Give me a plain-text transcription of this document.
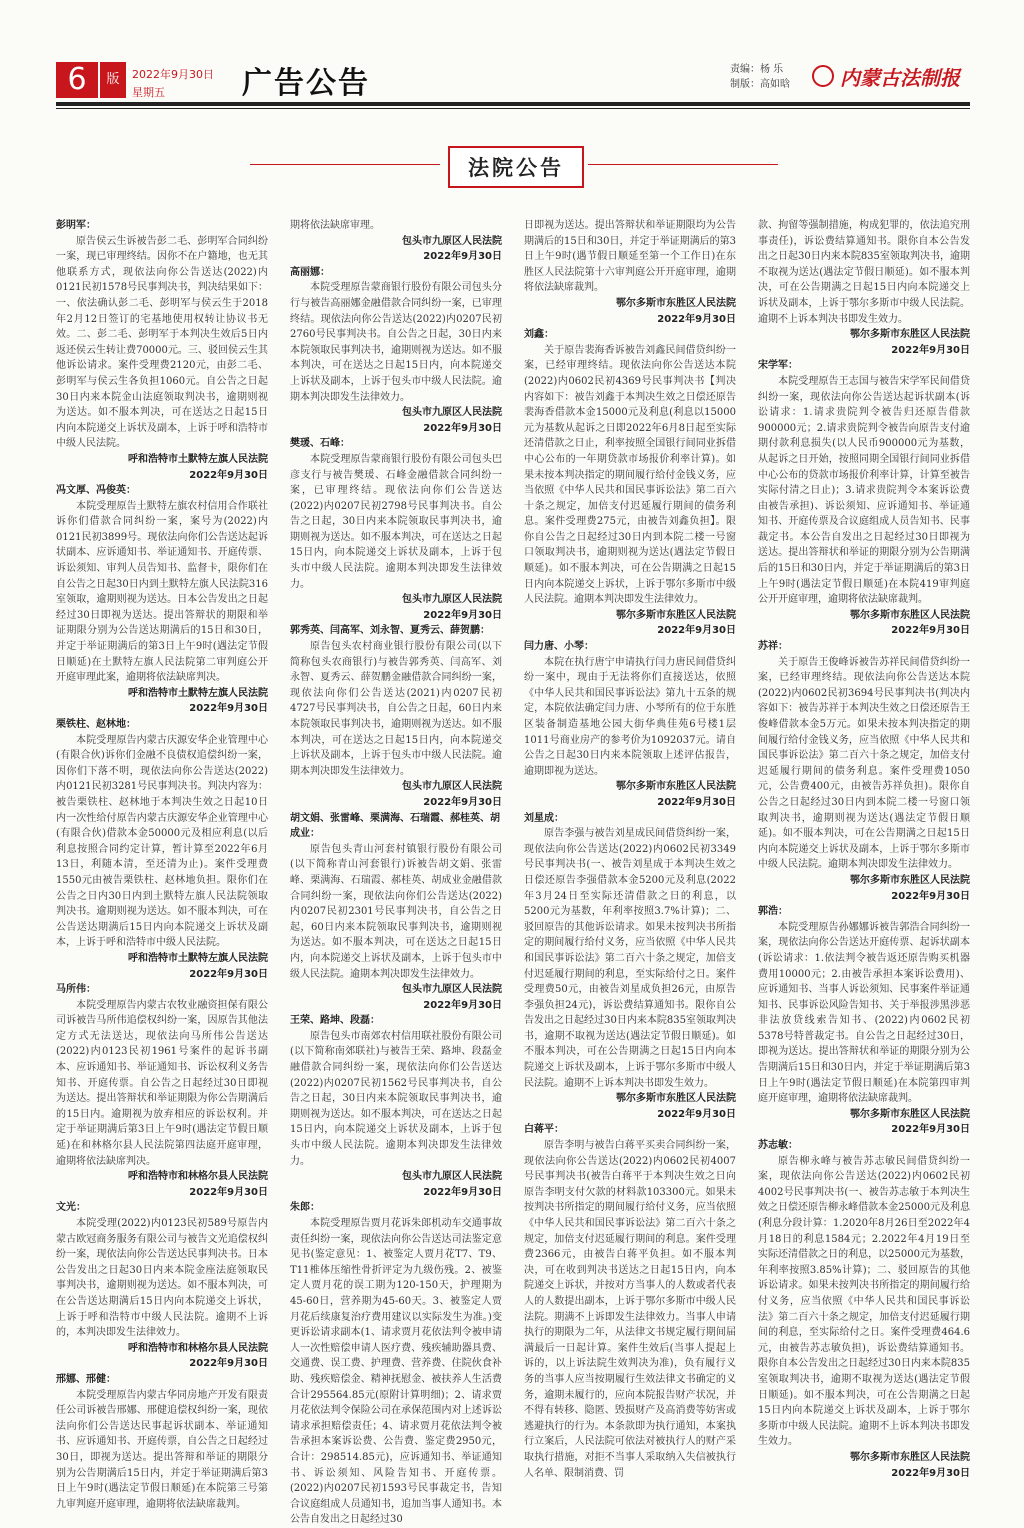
6	版	2022年9月30日
星期五	广告公告	责编：杨 乐
制版：高如晗	内蒙古法制报
法院公告

彭明军：

原告侯云生诉被告彭二毛、彭明军合同纠纷一案，现已审理终结。因你不在户籍地，也无其他联系方式，现依法向你公告送达(2022)内0121民初1578号民事判决书，判决结果如下：一、依法确认彭二毛、彭明军与侯云生于2018年2月12日签订的宅基地使用权转让协议书无效。二、彭二毛、彭明军于本判决生效后5日内返还侯云生转让费70000元。三、驳回侯云生其他诉讼请求。案件受理费2120元，由彭二毛、彭明军与侯云生各负担1060元。自公告之日起30日内来本院金山法庭领取判决书，逾期则视为送达。如不服本判决，可在送达之日起15日内向本院递交上诉状及副本，上诉于呼和浩特市中级人民法院。

呼和浩特市土默特左旗人民法院

2022年9月30日

冯文厚、冯俊英：

本院受理原告土默特左旗农村信用合作联社诉你们借款合同纠纷一案，案号为(2022)内0121民初3899号。现依法向你们公告送达起诉状副本、应诉通知书、举证通知书、开庭传票、诉讼须知、审判人员告知书、监督卡，限你们在自公告之日起30日内到土默特左旗人民法院316室领取，逾期则视为送达。日本公告发出之日起经过30日即视为送达。提出答辩状的期限和举证期限分别为公告送达期满后的15日和30日，并定于举证期满后的第3日上午9时(遇法定节假日顺延)在土默特左旗人民法院第二审判庭公开开庭审理此案，逾期将依法缺席判决。

呼和浩特市土默特左旗人民法院

2022年9月30日

栗铁柱、赵林地：

本院受理原告内蒙古庆源安华企业管理中心(有限合伙)诉你们金融不良债权追偿纠纷一案，因你们下落不明，现依法向你公告送达(2022)内0121民初3281号民事判决书。判决内容为：被告栗铁柱、赵林地于本判决生效之日起10日内一次性给付原告内蒙古庆源安华企业管理中心(有限合伙)借款本金50000元及相应利息(以后利息按照合同约定计算，暂计算至2022年6月13日，利随本清，至还清为止)。案件受理费1550元由被告栗铁柱、赵林地负担。限你们在公告之日内30日内到土默特左旗人民法院领取判决书。逾期则视为送达。如不服本判决，可在公告送达期满后15日内向本院递交上诉状及副本，上诉于呼和浩特市中级人民法院。

呼和浩特市土默特左旗人民法院

2022年9月30日

马所伟：

本院受理原告内蒙古农牧业融资担保有限公司诉被告马所伟追偿权纠纷一案，因原告其他法定方式无法送达，现依法向马所伟公告送达(2022)内0123民初1961号案件的起诉书副本、应诉通知书、举证通知书、诉讼权利义务告知书、开庭传票。自公告之日起经过30日即视为送达。提出答辩状和举证期限为你公告期满后的15日内。逾期视为放弃相应的诉讼权利。并定于举证期满后第3日上午9时(遇法定节假日顺延)在和林格尔县人民法院第四法庭开庭审理，逾期将依法缺席判决。

呼和浩特市和林格尔县人民法院

2022年9月30日

文光：

本院受理(2022)内0123民初589号原告内蒙古欧冠商务服务有限公司与被告文光追偿权纠纷一案，现依法向你公告送达民事判决书。日本公告发出之日起30日内来本院金座法庭领取民事判决书，逾期则视为送达。如不服本判决，可在公告送达期满后15日内向本院递交上诉状，上诉于呼和浩特市中级人民法院。逾期不上诉的，本判决即发生法律效力。

呼和浩特市和林格尔县人民法院

2022年9月30日

邢娜、邢健：

本院受理原告内蒙古华同房地产开发有限责任公司诉被告邢娜、邢健追偿权纠纷一案，现依法向你们公告送达民事起诉状副本、举证通知书、应诉通知书、开庭传票，自公告之日起经过30日，即视为送达。提出答辩和举证的期限分别为公告期满后15日内，并定于举证期满后第3日上午9时(遇法定节假日顺延)在本院第三号第九审判庭开庭审理，逾期将依法缺席裁判。

期将依法缺席审理。

包头市九原区人民法院

2022年9月30日

高丽娜：

本院受理原告蒙商银行股份有限公司包头分行与被告高丽娜金融借款合同纠纷一案，已审理终结。现依法向你公告送达(2022)内0207民初2760号民事判决书。自公告之日起，30日内来本院领取民事判决书，逾期则视为送达。如不服本判决，可在送达之日起15日内，向本院递交上诉状及副本，上诉于包头市中级人民法院。逾期本判决即发生法律效力。

包头市九原区人民法院

2022年9月30日

樊瑗、石峰：

本院受理原告蒙商银行股份有限公司包头巴彦支行与被告樊瑗、石峰金融借款合同纠纷一案，已审理终结。现依法向你们公告送达(2022)内0207民初2798号民事判决书。自公告之日起，30日内来本院领取民事判决书，逾期则视为送达。如不服本判决，可在送达之日起15日内，向本院递交上诉状及副本，上诉于包头市中级人民法院。逾期本判决即发生法律效力。

包头市九原区人民法院

2022年9月30日

郭秀英、闫高军、刘永智、夏秀云、薛贺鹏：

原告包头农村商业银行股份有限公司(以下简称包头农商银行)与被告郭秀英、闫高军、刘永智、夏秀云、薛贺鹏金融借款合同纠纷一案，现依法向你们公告送达(2021)内0207民初4727号民事判决书，自公告之日起，60日内来本院领取民事判决书，逾期则视为送达。如不服本判决，可在送达之日起15日内，向本院递交上诉状及副本，上诉于包头市中级人民法院。逾期本判决即发生法律效力。

包头市九原区人民法院

2022年9月30日

胡文娟、张雷峰、栗满海、石瑞霞、郝桂英、胡成业：

原告包头青山河套村镇银行股份有限公司(以下简称青山河套银行)诉被告胡文娟、张雷峰、栗满海、石瑞霞、郝桂英、胡成业金融借款合同纠纷一案，现依法向你们公告送达(2022)内0207民初2301号民事判决书，自公告之日起，60日内来本院领取民事判决书，逾期则视为送达。如不服本判决，可在送达之日起15日内，向本院递交上诉状及副本，上诉于包头市中级人民法院。逾期本判决即发生法律效力。

包头市九原区人民法院

2022年9月30日

王荣、路坤、段磊：

原告包头市南郊农村信用联社股份有限公司(以下简称南郊联社)与被告王荣、路坤、段磊金融借款合同纠纷一案，现依法向你们公告送达(2022)内0207民初1562号民事判决书，自公告之日起，30日内来本院领取民事判决书，逾期则视为送达。如不服本判决，可在送达之日起15日内，向本院递交上诉状及副本，上诉于包头市中级人民法院。逾期本判决即发生法律效力。

包头市九原区人民法院

2022年9月30日

朱郎：

本院受理原告贾月花诉朱郎机动车交通事故责任纠纷一案，现依法向你公告送达司法鉴定意见书(鉴定意见：1、被鉴定人贾月花T7、T9、T11椎体压缩性骨折评定为九级伤残。2、被鉴定人贾月花的误工期为120-150天，护理期为45-60日，营养期为45-60天。3、被鉴定人贾月花后续康复治疗费用建议以实际发生为准。)变更诉讼请求副本(1、请求贾月花依法判令被申请人一次性赔偿申请人医疗费、残疾辅助器具费、交通费、误工费、护理费、营养费、住院伙食补助、残疾赔偿金、精神抚慰金、被扶养人生活费合计295564.85元(原附计算明细)；2、请求贾月花依法判令保险公司在承保范围内对上述诉讼请求承担赔偿责任；4、请求贾月花依法判令被告承担本案诉讼费、公告费、鉴定费2950元，合计：298514.85元)，应诉通知书、举证通知书、诉讼须知、风险告知书、开庭传票。(2022)内0207民初1593号民事裁定书，告知合议庭组成人员通知书，追加当事人通知书。本公告自发出之日起经过30

日即视为送达。提出答辩状和举证期限均为公告期满后的15日和30日，并定于举证期满后的第3日上午9时(遇节假日顺延至第一个工作日)在东胜区人民法院第十六审判庭公开开庭审理，逾期将依法缺席裁判。

鄂尔多斯市东胜区人民法院

2022年9月30日

刘鑫：

关于原告裴海香诉被告刘鑫民间借贷纠纷一案，已经审理终结。现依法向你公告送达本院(2022)内0602民初4369号民事判决书【判决内容如下：被告刘鑫于本判决生效之日偿还原告裴海香借款本金15000元及利息(利息以15000元为基数从起诉之日即2022年6月8日起至实际还清借款之日止，利率按照全国银行间同业拆借中心公布的一年期贷款市场报价利率计算)。如果未按本判决指定的期间履行给付金钱义务，应当依照《中华人民共和国民事诉讼法》第二百六十条之规定，加倍支付迟延履行期间的债务利息。案件受理费275元，由被告刘鑫负担】。限你自公告之日起经过30日内到本院二楼一号窗口领取判决书，逾期则视为送达(遇法定节假日顺延)。如不服本判决，可在公告期满之日起15日内向本院递交上诉状，上诉于鄂尔多斯市中级人民法院。逾期本判决即发生法律效力。

鄂尔多斯市东胜区人民法院

2022年9月30日

闫力唐、小琴：

本院在执行唐宁申请执行闫力唐民间借贷纠纷一案中，现由于无法将你们直接送达，依照《中华人民共和国民事诉讼法》第九十五条的规定，本院依法确定闫力唐、小琴所有的位于东胜区装备制造基地公园大街华典佳苑6号楼1层1011号商业房产的参考价为1092037元。请自公告之日起30日内来本院领取上述评估报告，逾期即视为送达。

鄂尔多斯市东胜区人民法院

2022年9月30日

刘星成：

原告李强与被告刘星成民间借贷纠纷一案，现依法向你公告送达(2022)内0602民初3349号民事判决书(一、被告刘星成于本判决生效之日偿还原告李强借款本金5200元及利息(2022年3月24日至实际还清借款之日的利息，以5200元为基数，年利率按照3.7%计算)；二、驳回原告的其他诉讼请求。如果未按判决书所指定的期间履行给付义务，应当依照《中华人民共和国民事诉讼法》第二百六十条之规定，加倍支付迟延履行期间的利息，至实际给付之日。案件受理费50元，由被告刘星成负担26元，由原告李强负担24元)，诉讼费结算通知书。限你自公告发出之日起经过30日内来本院835室领取判决书，逾期不取视为送达(遇法定节假日顺延)。如不服本判决，可在公告期满之日起15日内向本院递交上诉状及副本，上诉于鄂尔多斯市中级人民法院。逾期不上诉本判决书即发生效力。

鄂尔多斯市东胜区人民法院

2022年9月30日

白蒋平：

原告李明与被告白蒋平买卖合同纠纷一案，现依法向你公告送达(2022)内0602民初4007号民事判决书(被告白蒋平于本判决生效之日向原告李明支付欠款的材料款103300元。如果未按判决书所指定的期间履行给付义务，应当依照《中华人民共和国民事诉讼法》第二百六十条之规定，加倍支付迟延履行期间的利息。案件受理费2366元，由被告白蒋平负担。如不服本判决，可在收到判决书送达之日起15日内，向本院递交上诉状，并按对方当事人的人数或者代表人的人数提出副本，上诉于鄂尔多斯市中级人民法院。期满不上诉即发生法律效力。当事人申请执行的期限为二年，从法律文书规定履行期间届满最后一日起计算。案件生效后(当事人提起上诉的，以上诉法院生效判决为准)，负有履行义务的当事人应当按期履行生效法律文书确定的义务，逾期未履行的，应向本院报告财产状况，并不得有转移、隐匿、毁损财产及高消费等妨害或逃避执行的行为。本条款即为执行通知，本案执行立案后，人民法院可依法对被执行人的财产采取执行措施，对拒不当事人采取纳入失信被执行人名单、限制消费、罚

款、拘留等强制措施，构成犯罪的，依法追究刑事责任)，诉讼费结算通知书。限你自本公告发出之日起30日内来本院835室领取判决书，逾期不取视为送达(遇法定节假日顺延)。如不服本判决，可在公告期满之日起15日内向本院递交上诉状及副本，上诉于鄂尔多斯市中级人民法院。逾期不上诉本判决书即发生效力。

鄂尔多斯市东胜区人民法院

2022年9月30日

宋学军：

本院受理原告王志国与被告宋学军民间借贷纠纷一案，现依法向你公告送达起诉状副本(诉讼请求：1.请求贵院判令被告归还原告借款900000元；2.请求贵院判令被告向原告支付逾期付款利息损失(以人民币900000元为基数，从起诉之日开始，按照同期全国银行间同业拆借中心公布的贷款市场报价利率计算，计算至被告实际付清之日止)；3.请求贵院判令本案诉讼费由被告承担)、诉讼须知、应诉通知书、举证通知书、开庭传票及合议庭组成人员告知书、民事裁定书。本公告自发出之日起经过30日即视为送达。提出答辩状和举证的期限分别为公告期满后的15日和30日内，并定于举证期满后的第3日上午9时(遇法定节假日顺延)在本院419审判庭公开开庭审理，逾期将依法缺席裁判。

鄂尔多斯市东胜区人民法院

2022年9月30日

苏祥：

关于原告王俊峰诉被告苏祥民间借贷纠纷一案，已经审理终结。现依法向你公告送达本院(2022)内0602民初3694号民事判决书(判决内容如下：被告苏祥于本判决生效之日偿还原告王俊峰借款本金5万元。如果未按本判决指定的期间履行给付金钱义务，应当依照《中华人民共和国民事诉讼法》第二百六十条之规定，加倍支付迟延履行期间的债务利息。案件受理费1050元，公告费400元，由被告苏祥负担)。限你自公告之日起经过30日内到本院二楼一号窗口领取判决书，逾期则视为送达(遇法定节假日顺延)。如不服本判决，可在公告期满之日起15日内向本院递交上诉状及副本，上诉于鄂尔多斯市中级人民法院。逾期本判决即发生法律效力。

鄂尔多斯市东胜区人民法院

2022年9月30日

郭浩：

本院受理原告孙娜娜诉被告郭浩合同纠纷一案，现依法向你公告送达开庭传票、起诉状副本(诉讼请求：1.依法判令被告返还原告购买机器费用10000元；2.由被告承担本案诉讼费用)、应诉通知书、当事人诉讼须知、民事案件举证通知书、民事诉讼风险告知书、关于举报涉黑涉恶非法放贷线索告知书、(2022)内0602民初5378号特普裁定书。自公告之日起经过30日，即视为送达。提出答辩状和举证的期限分别为公告期满后15日和30日内，并定于举证期满后第3日上午9时(遇法定节假日顺延)在本院第四审判庭开庭审理，逾期将依法缺席裁判。

鄂尔多斯市东胜区人民法院

2022年9月30日

苏志敏：

原告柳永峰与被告苏志敏民间借贷纠纷一案，现依法向你公告送达(2022)内0602民初4002号民事判决书(一、被告苏志敏于本判决生效之日偿还原告柳永峰借款本金25000元及利息(利息分段计算：1.2020年8月26日至2022年4月18日的利息1584元；2.2022年4月19日至实际还清借款之日的利息，以25000元为基数，年利率按照3.85%计算)；二、驳回原告的其他诉讼请求。如果未按判决书所指定的期间履行给付义务，应当依照《中华人民共和国民事诉讼法》第二百六十条之规定，加倍支付迟延履行期间的利息，至实际给付之日。案件受理费464.6元，由被告苏志敏负担)，诉讼费结算通知书。限你自本公告发出之日起经过30日内来本院835室领取判决书，逾期不取视为送达(遇法定节假日顺延)。如不服本判决，可在公告期满之日起15日内向本院递交上诉状及副本，上诉于鄂尔多斯市中级人民法院。逾期不上诉本判决书即发生效力。

鄂尔多斯市东胜区人民法院

2022年9月30日
